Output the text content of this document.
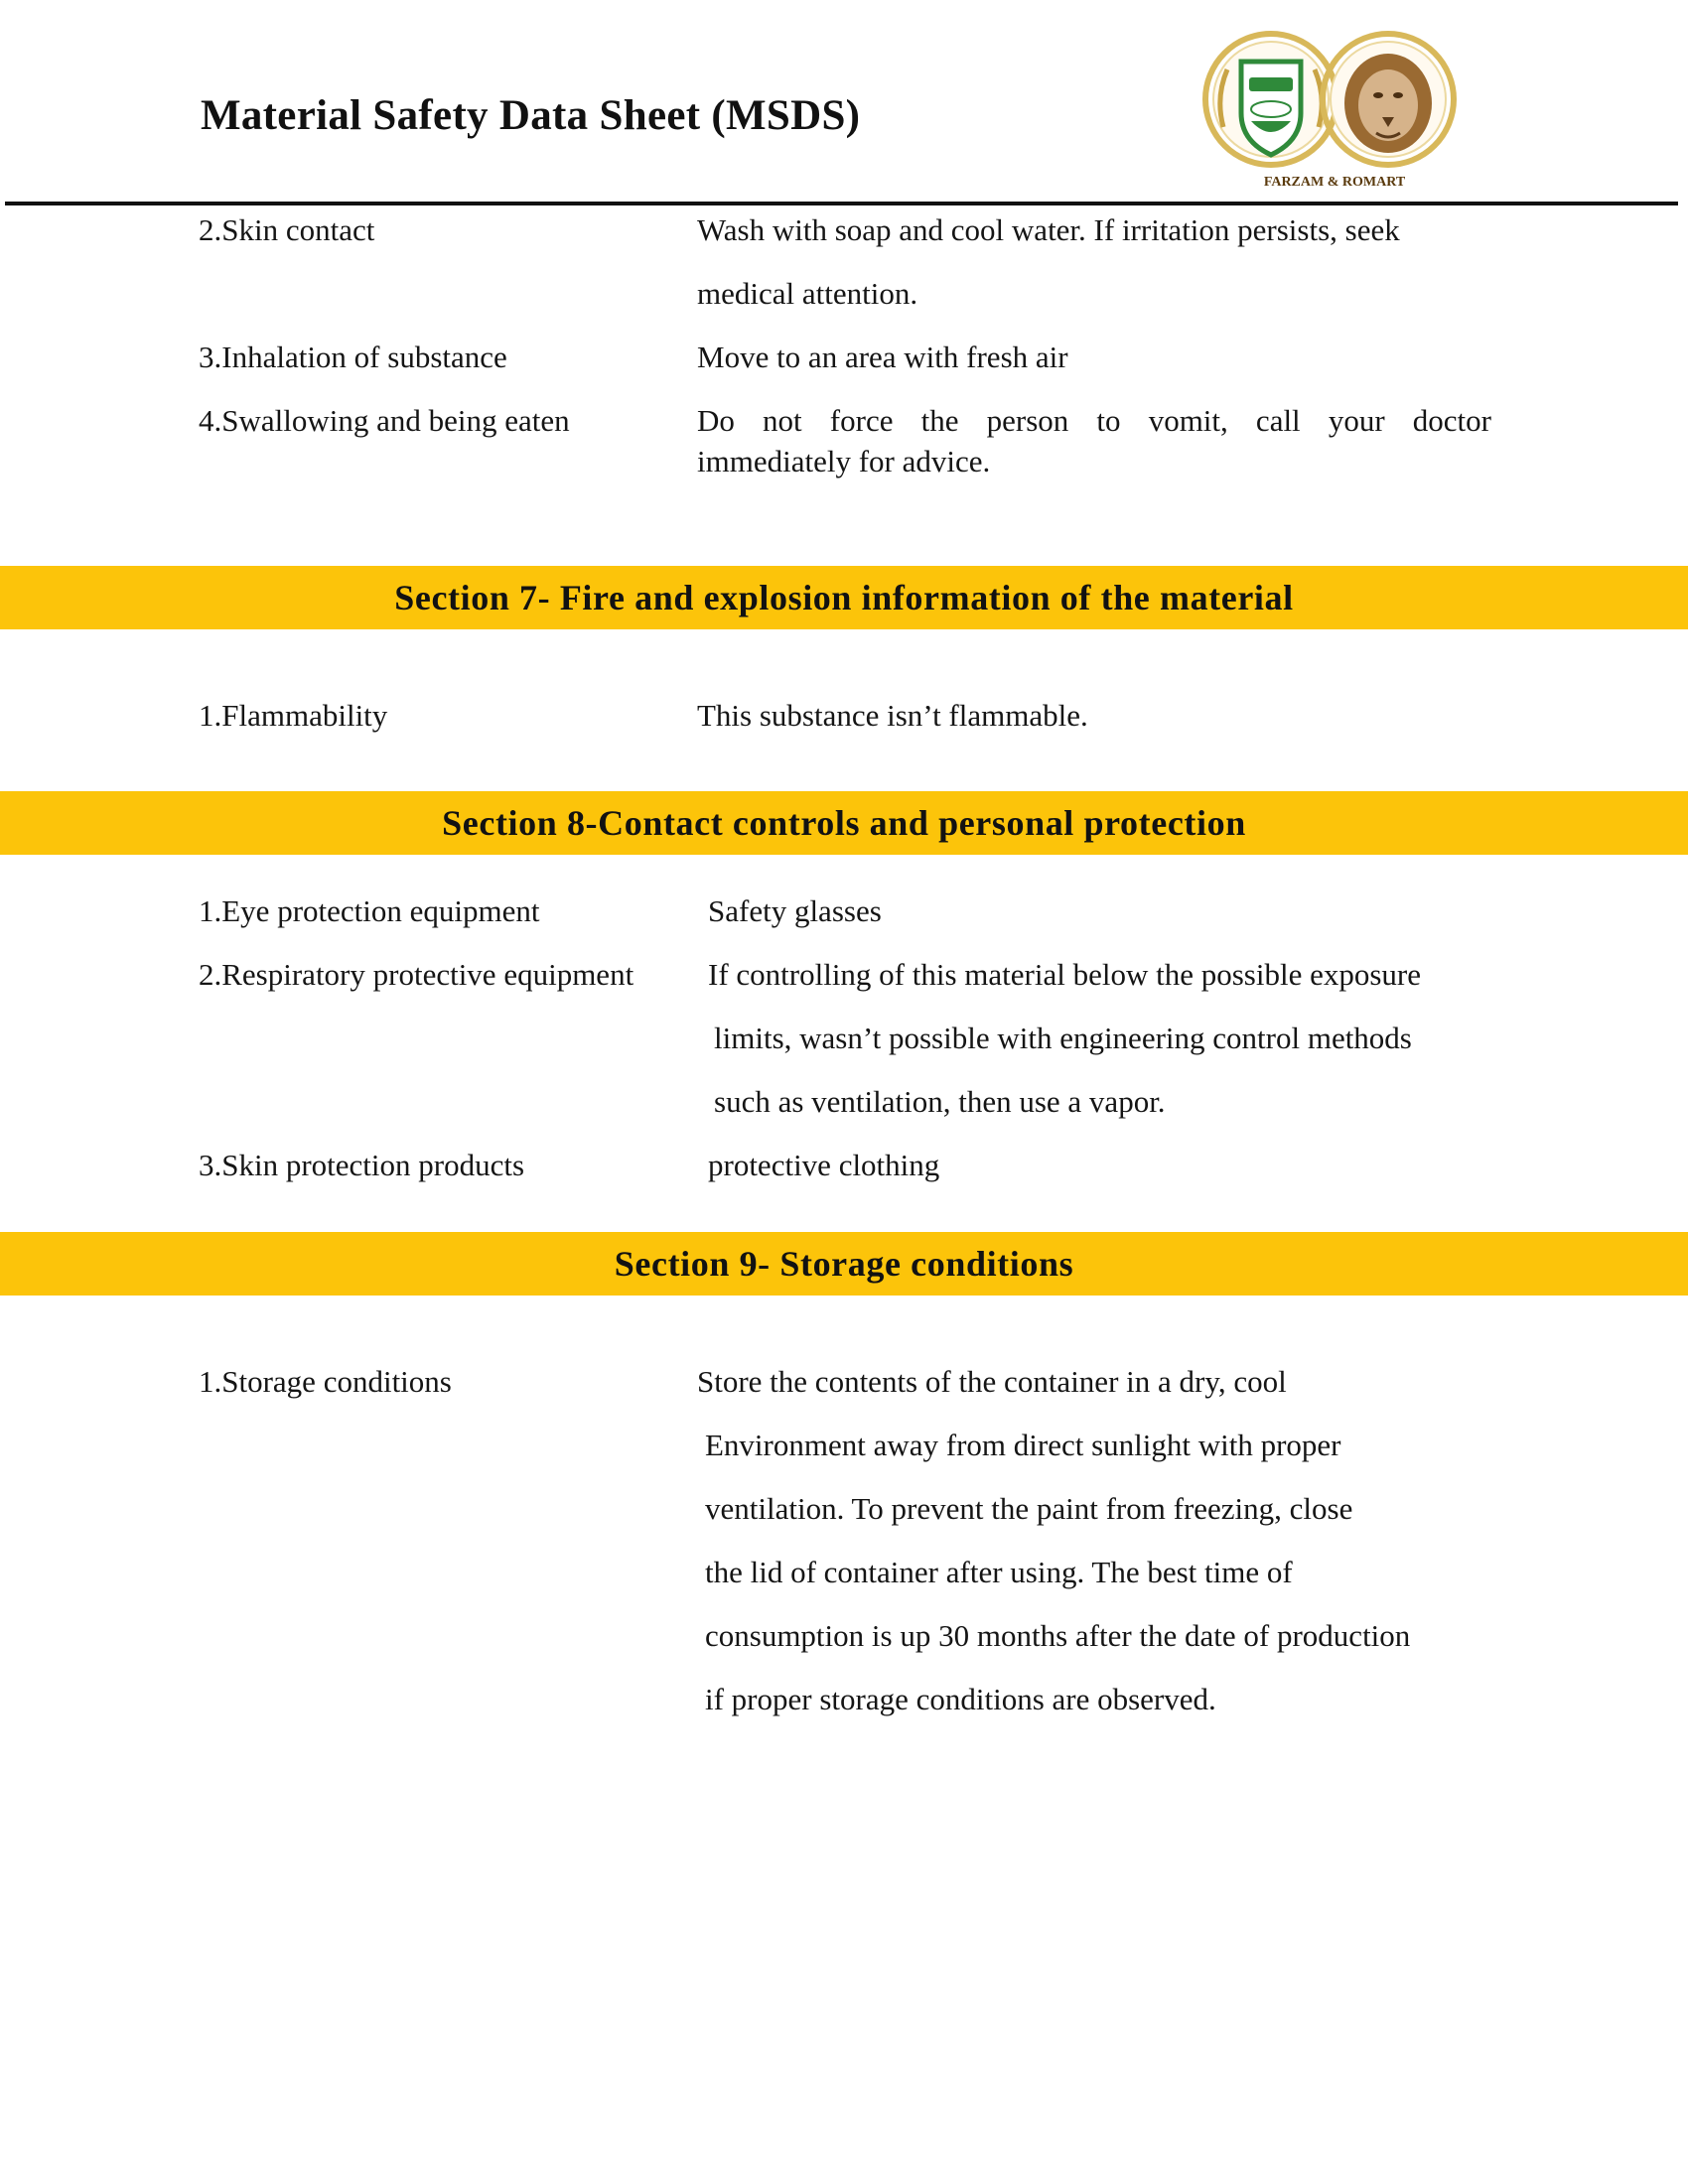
Material Safety Data Sheet (MSDS)
FARZAM & ROMART
2.Skin contact	Wash with soap and cool water. If irritation persists, seek
medical attention.
3.Inhalation of substance	Move to an area with fresh air
4.Swallowing and being eaten	Do not force the person to vomit, call your doctor
immediately for advice.
Section 7- Fire and explosion information of the material
1.Flammability	This substance isn’t flammable.
Section 8-Contact controls and personal protection
1.Eye protection equipment	Safety glasses
2.Respiratory protective equipment If controlling of this material below the possible exposure
limits, wasn’t possible with engineering control methods
such as ventilation, then use a vapor.
3.Skin protection products	protective clothing
Section 9- Storage conditions
1.Storage conditions	Store the contents of the container in a dry, cool
Environment away from direct sunlight with proper
ventilation. To prevent the paint from freezing, close
the lid of container after using. The best time of
consumption is up 30 months after the date of production
if proper storage conditions are observed.
